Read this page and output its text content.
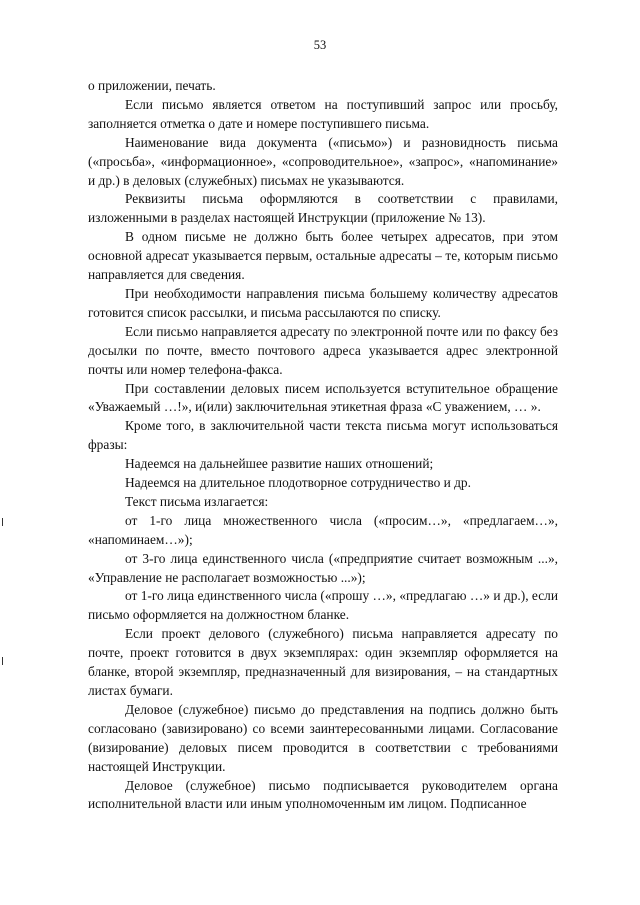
53

о приложении, печать.

Если письмо является ответом на поступивший запрос или просьбу, заполняется отметка о дате и номере поступившего письма.

Наименование вида документа («письмо») и разновидность письма («просьба», «информационное», «сопроводительное», «запрос», «напоминание» и др.) в деловых (служебных) письмах не указываются.

Реквизиты письма оформляются в соответствии с правилами, изложенными в разделах настоящей Инструкции (приложение № 13).

В одном письме не должно быть более четырех адресатов, при этом основной адресат указывается первым, остальные адресаты – те, которым письмо направляется для сведения.

При необходимости направления письма большему количеству адресатов готовится список рассылки, и письма рассылаются по списку.

Если письмо направляется адресату по электронной почте или по факсу без досылки по почте, вместо почтового адреса указывается адрес электронной почты или номер телефона-факса.

При составлении деловых писем используется вступительное обращение «Уважаемый …!», и(или) заключительная этикетная фраза «С уважением, … ».

Кроме того, в заключительной части текста письма могут использоваться фразы:

Надеемся на дальнейшее развитие наших отношений;

Надеемся на длительное плодотворное сотрудничество и др.

Текст письма излагается:

от 1-го лица множественного числа («просим…», «предлагаем…», «напоминаем…»);

от 3-го лица единственного числа («предприятие считает возможным ...», «Управление не располагает возможностью ...»);

от 1-го лица единственного числа («прошу …», «предлагаю …» и др.), если письмо оформляется на должностном бланке.

Если проект делового (служебного) письма направляется адресату по почте, проект готовится в двух экземплярах: один экземпляр оформляется на бланке, второй экземпляр, предназначенный для визирования, – на стандартных листах бумаги.

Деловое (служебное) письмо до представления на подпись должно быть согласовано (завизировано) со всеми заинтересованными лицами. Согласование (визирование) деловых писем проводится в соответствии с требованиями настоящей Инструкции.

Деловое (служебное) письмо подписывается руководителем органа исполнительной власти или иным уполномоченным им лицом. Подписанное
